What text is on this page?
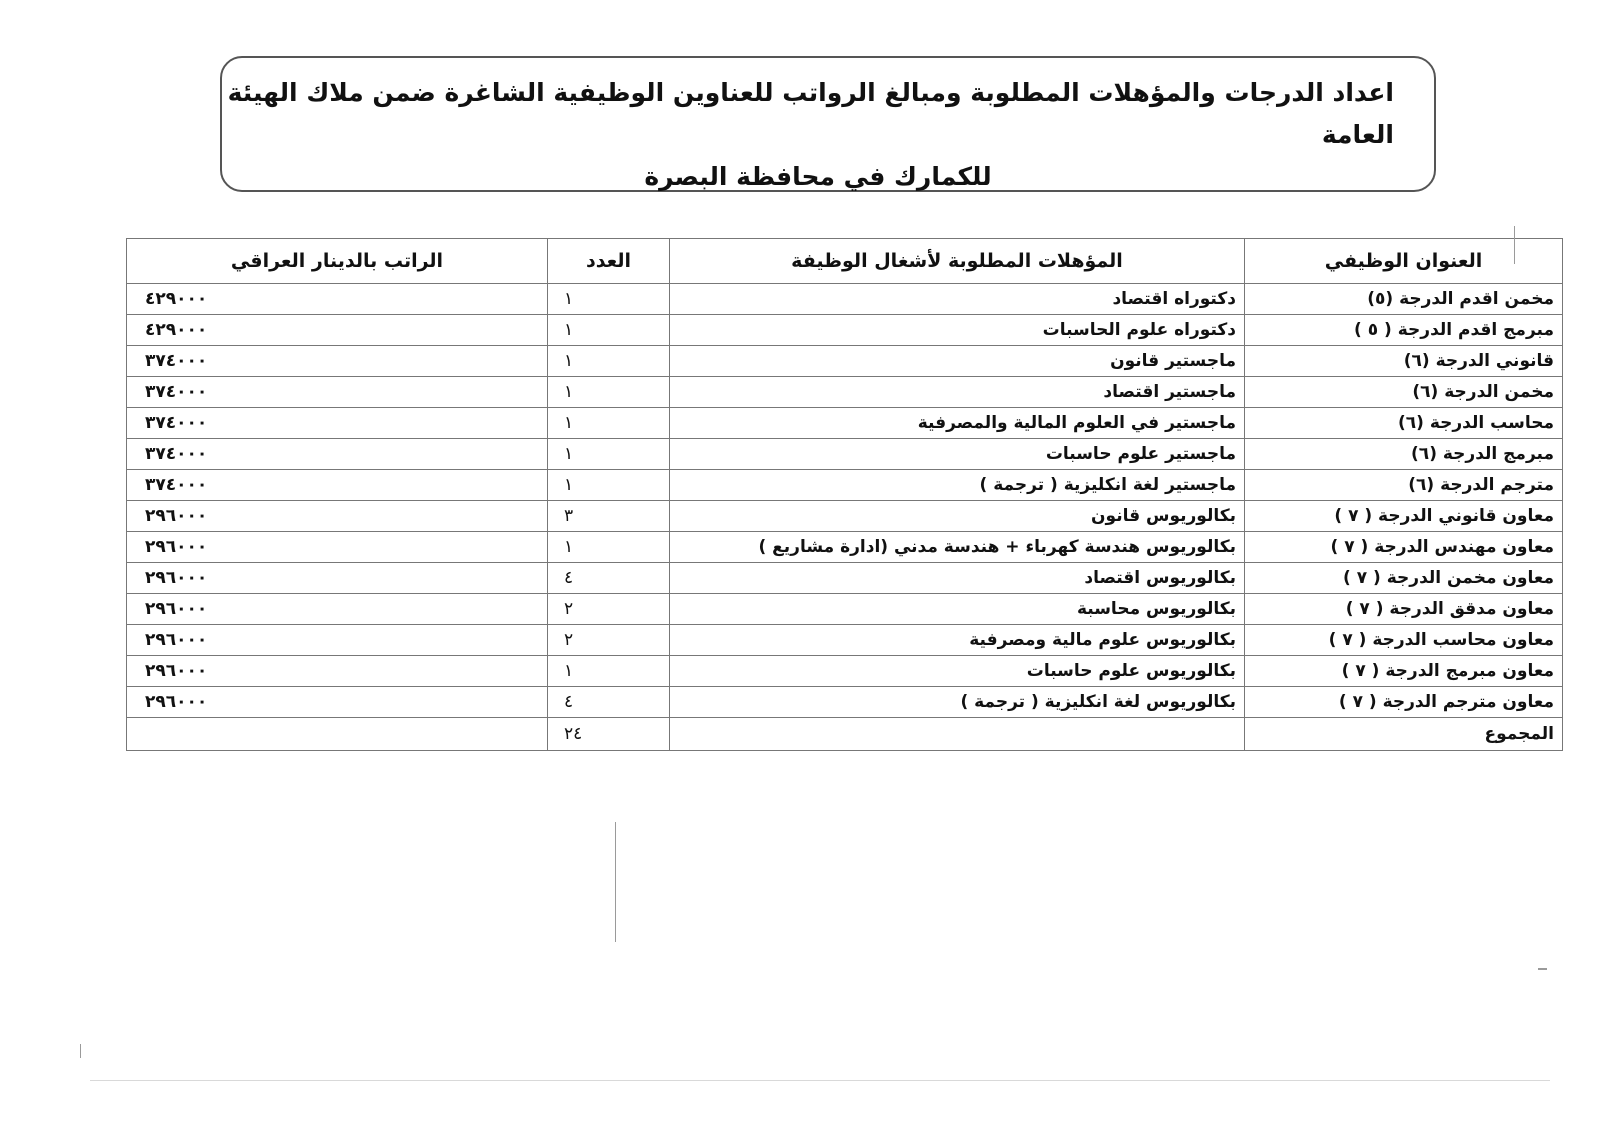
اعداد الدرجات والمؤهلات المطلوبة ومبالغ الرواتب للعناوين الوظيفية الشاغرة ضمن ملاك الهيئة العامة
للكمارك في محافظة البصرة
العنوان الوظيفي	المؤهلات المطلوبة لأشغال الوظيفة	العدد	الراتب بالدينار العراقي
مخمن اقدم الدرجة (٥)	دكتوراه اقتصاد	١	٤٢٩٠٠٠
مبرمج اقدم الدرجة ( ٥ )	دكتوراه علوم الحاسبات	١	٤٢٩٠٠٠
قانوني الدرجة (٦)	ماجستير قانون	١	٣٧٤٠٠٠
مخمن الدرجة (٦)	ماجستير اقتصاد	١	٣٧٤٠٠٠
محاسب الدرجة (٦)	ماجستير في العلوم المالية والمصرفية	١	٣٧٤٠٠٠
مبرمج الدرجة (٦)	ماجستير علوم حاسبات	١	٣٧٤٠٠٠
مترجم الدرجة (٦)	ماجستير لغة انكليزية ( ترجمة )	١	٣٧٤٠٠٠
معاون قانوني الدرجة ( ٧ )	بكالوريوس قانون	٣	٢٩٦٠٠٠
معاون مهندس الدرجة ( ٧ )	بكالوريوس هندسة كهرباء + هندسة مدني (ادارة مشاريع )	١	٢٩٦٠٠٠
معاون مخمن الدرجة ( ٧ )	بكالوريوس اقتصاد	٤	٢٩٦٠٠٠
معاون مدقق الدرجة ( ٧ )	بكالوريوس محاسبة	٢	٢٩٦٠٠٠
معاون محاسب الدرجة ( ٧ )	بكالوريوس علوم مالية ومصرفية	٢	٢٩٦٠٠٠
معاون مبرمج الدرجة ( ٧ )	بكالوريوس علوم حاسبات	١	٢٩٦٠٠٠
معاون مترجم الدرجة ( ٧ )	بكالوريوس لغة انكليزية ( ترجمة )	٤	٢٩٦٠٠٠
المجموع		٢٤	
